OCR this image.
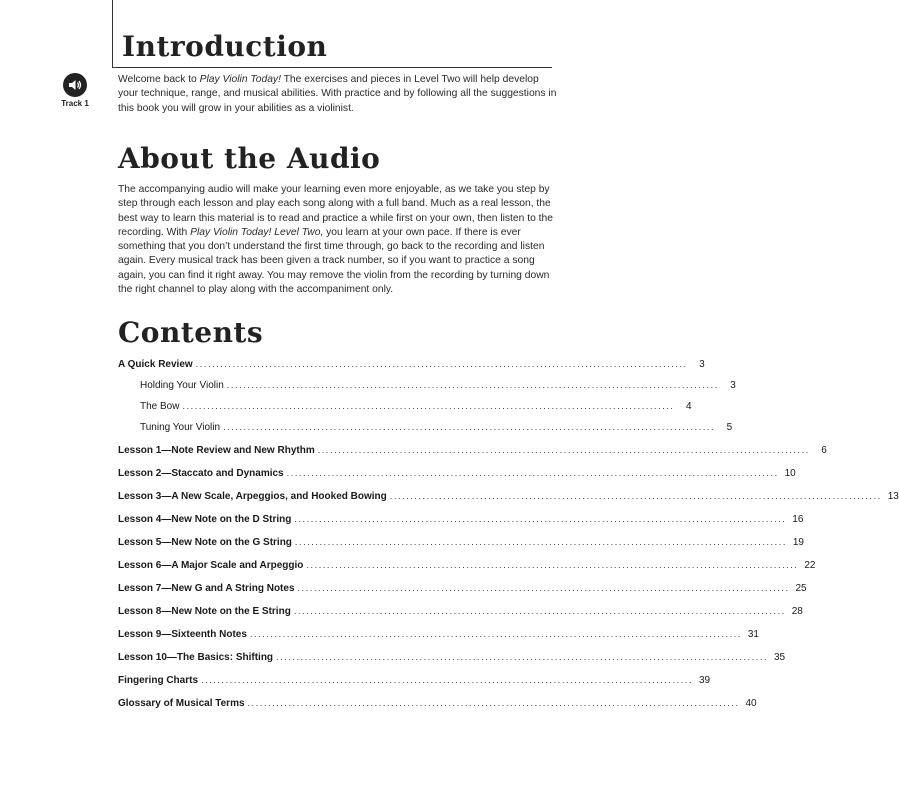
Introduction
Track 1

Welcome back to Play Violin Today! The exercises and pieces in Level Two will help develop your technique, range, and musical abilities. With practice and by following all the suggestions in this book you will grow in your abilities as a violinist.

About the Audio

The accompanying audio will make your learning even more enjoyable, as we take you step by step through each lesson and play each song along with a full band. Much as a real lesson, the best way to learn this material is to read and practice a while first on your own, then listen to the recording. With Play Violin Today! Level Two, you learn at your own pace. If there is ever something that you don’t understand the first time through, go back to the recording and listen again. Every musical track has been given a track number, so if you want to practice a song again, you can find it right away. You may remove the violin from the recording by turning down the right channel to play along with the accompaniment only.

Contents
A Quick Review ........................................................................................................................	3
Holding Your Violin ........................................................................................................................	3
The Bow ........................................................................................................................	4
Tuning Your Violin ........................................................................................................................	5
Lesson 1—Note Review and New Rhythm ........................................................................................................................	6
Lesson 2—Staccato and Dynamics ........................................................................................................................ 10
Lesson 3—A New Scale, Arpeggios, and Hooked Bowing ........................................................................................................................ 13
Lesson 4—New Note on the D String ........................................................................................................................ 16
Lesson 5—New Note on the G String ........................................................................................................................ 19
Lesson 6—A Major Scale and Arpeggio ........................................................................................................................ 22
Lesson 7—New G and A String Notes ........................................................................................................................ 25
Lesson 8—New Note on the E String ........................................................................................................................ 28
Lesson 9—Sixteenth Notes ........................................................................................................................ 31
Lesson 10—The Basics: Shifting ........................................................................................................................ 35
Fingering Charts ........................................................................................................................ 39
Glossary of Musical Terms ........................................................................................................................ 40
